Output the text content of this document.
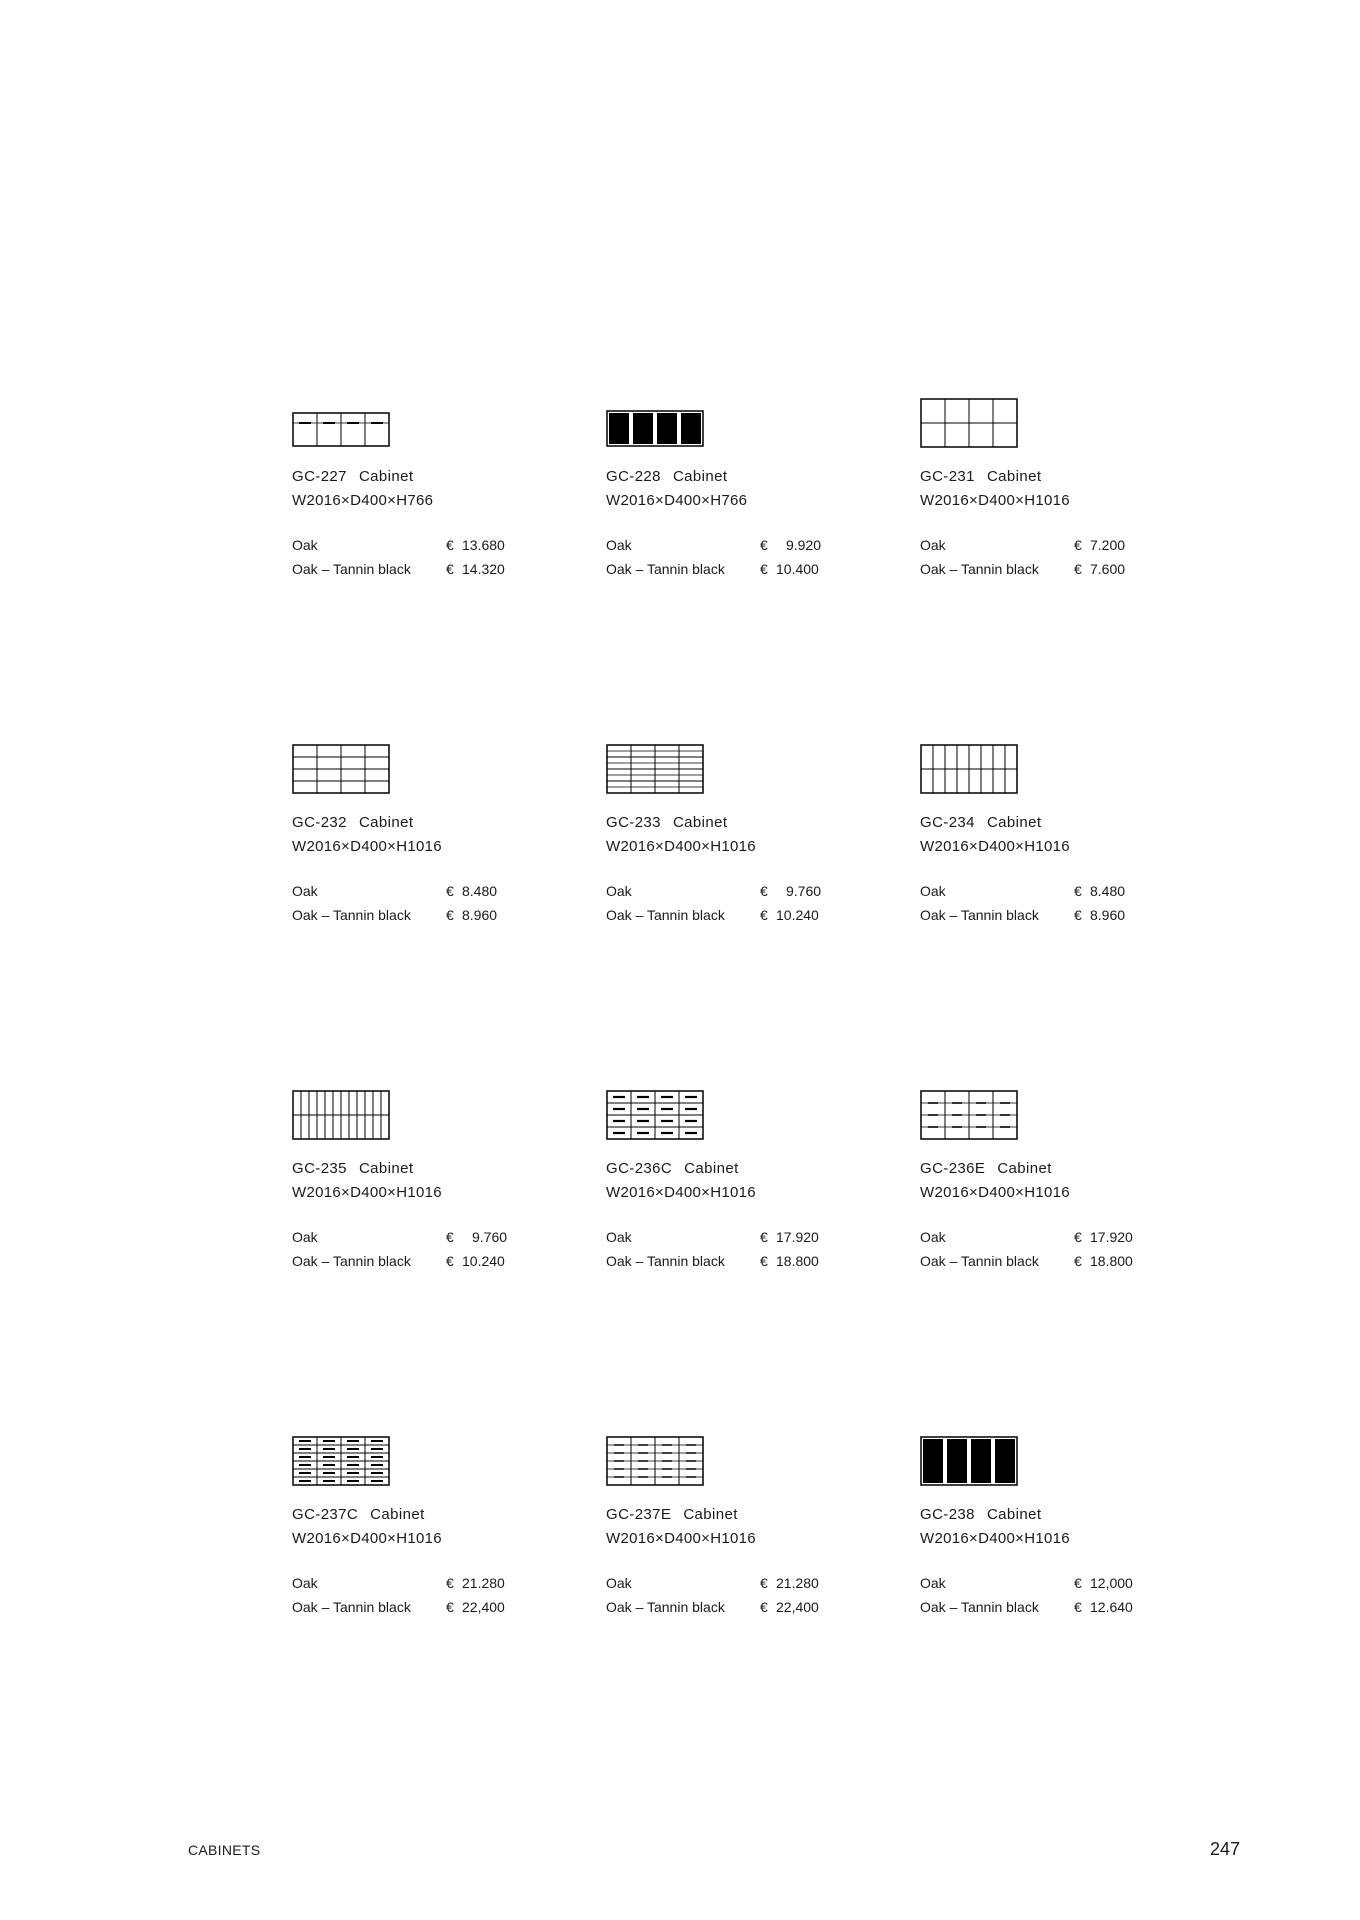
GC-227 Cabinet
W2016×D400×H766
Oak	€ 13.680
Oak – Tannin black	€ 14.320
GC-228 Cabinet
W2016×D400×H766
Oak	€ 9.920
Oak – Tannin black	€ 10.400
GC-231 Cabinet
W2016×D400×H1016
Oak	€ 7.200
Oak – Tannin black	€ 7.600
GC-232 Cabinet
W2016×D400×H1016
Oak	€ 8.480
Oak – Tannin black	€ 8.960
GC-233 Cabinet
W2016×D400×H1016
Oak	€ 9.760
Oak – Tannin black	€ 10.240
GC-234 Cabinet
W2016×D400×H1016
Oak	€ 8.480
Oak – Tannin black	€ 8.960
GC-235 Cabinet
W2016×D400×H1016
Oak	€ 9.760
Oak – Tannin black	€ 10.240
GC-236C Cabinet
W2016×D400×H1016
Oak	€ 17.920
Oak – Tannin black	€ 18.800
GC-236E Cabinet
W2016×D400×H1016
Oak	€ 17.920
Oak – Tannin black	€ 18.800
GC-237C Cabinet
W2016×D400×H1016
Oak	€ 21.280
Oak – Tannin black	€ 22,400
GC-237E Cabinet
W2016×D400×H1016
Oak	€ 21.280
Oak – Tannin black	€ 22,400
GC-238 Cabinet
W2016×D400×H1016
Oak	€ 12,000
Oak – Tannin black	€ 12.640
CABINETS	247
